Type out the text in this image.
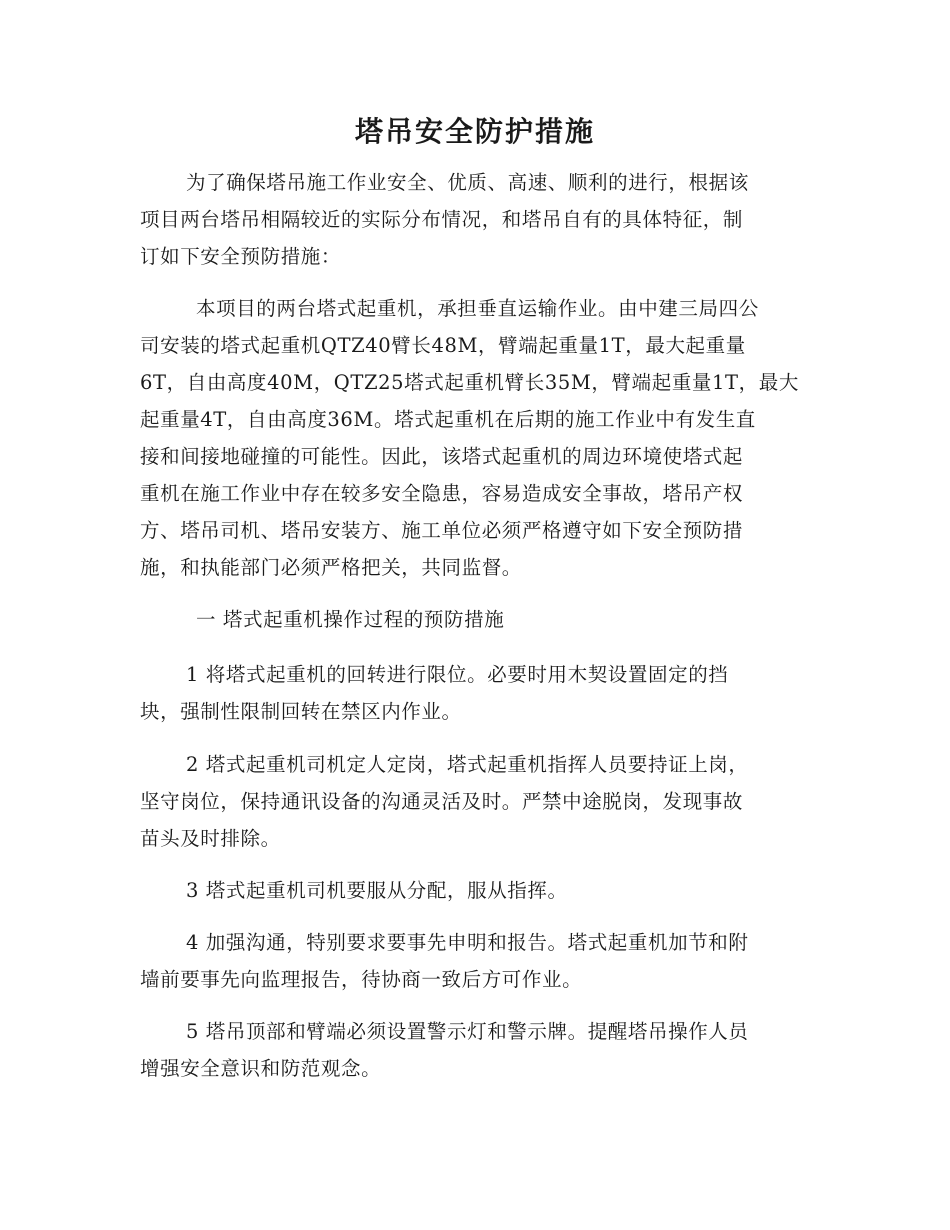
塔吊安全防护措施
为了确保塔吊施工作业安全、优质、高速、顺利的进行，根据该
项目两台塔吊相隔较近的实际分布情况，和塔吊自有的具体特征，制
订如下安全预防措施：
本项目的两台塔式起重机，承担垂直运输作业。由中建三局四公
司安装的塔式起重机QTZ40臂长48M，臂端起重量1T，最大起重量
6T，自由高度40M，QTZ25塔式起重机臂长35M，臂端起重量1T，最大
起重量4T，自由高度36M。塔式起重机在后期的施工作业中有发生直
接和间接地碰撞的可能性。因此，该塔式起重机的周边环境使塔式起
重机在施工作业中存在较多安全隐患，容易造成安全事故，塔吊产权
方、塔吊司机、塔吊安装方、施工单位必须严格遵守如下安全预防措
施，和执能部门必须严格把关，共同监督。
一 塔式起重机操作过程的预防措施
1 将塔式起重机的回转进行限位。必要时用木契设置固定的挡
块，强制性限制回转在禁区内作业。
2 塔式起重机司机定人定岗，塔式起重机指挥人员要持证上岗，
坚守岗位，保持通讯设备的沟通灵活及时。严禁中途脱岗，发现事故
苗头及时排除。
3 塔式起重机司机要服从分配，服从指挥。
4 加强沟通，特别要求要事先申明和报告。塔式起重机加节和附
墙前要事先向监理报告，待协商一致后方可作业。
5 塔吊顶部和臂端必须设置警示灯和警示牌。提醒塔吊操作人员
增强安全意识和防范观念。
